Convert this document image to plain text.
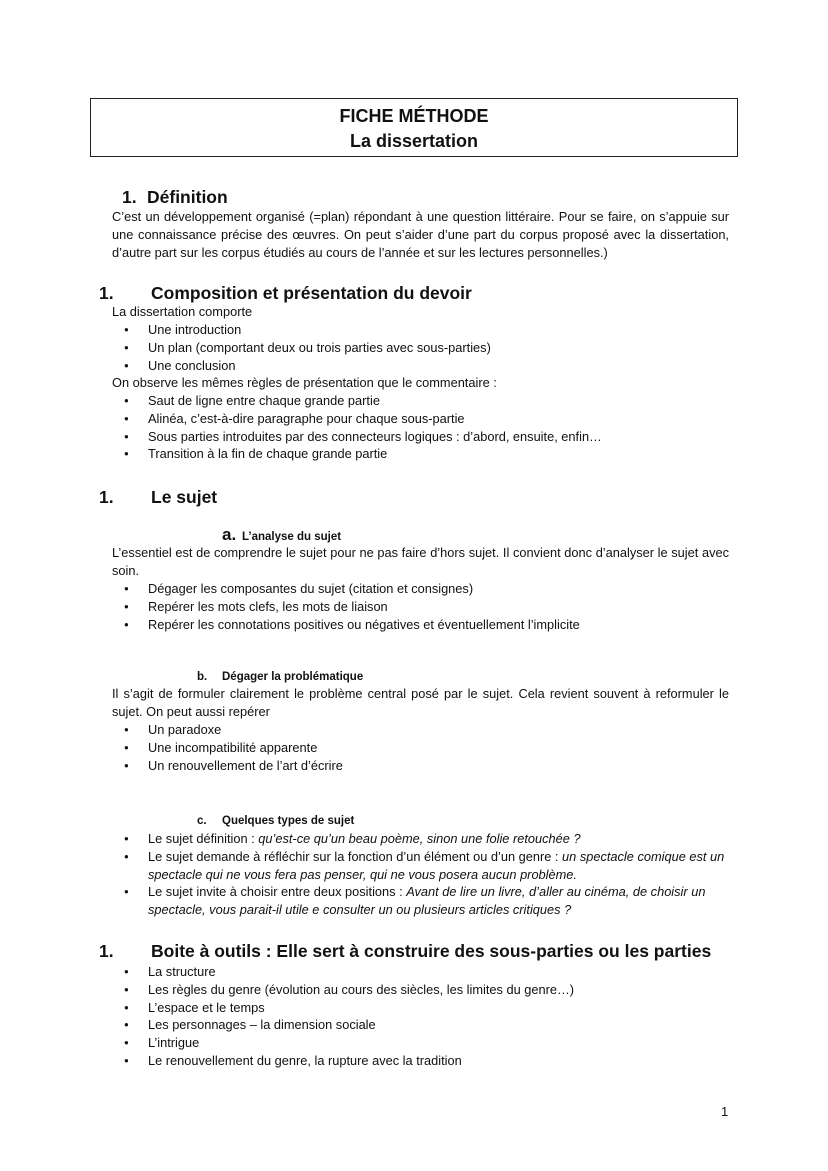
FICHE MÉTHODE
La dissertation
1. Définition
C’est un développement organisé (=plan) répondant à une question littéraire. Pour se faire, on s’appuie sur une connaissance précise des œuvres. On peut s’aider d’une part du corpus proposé avec la dissertation, d’autre part sur les corpus étudiés au cours de l’année et sur les lectures personnelles.)
1. Composition et présentation du devoir
La dissertation comporte
● Une introduction
● Un plan (comportant deux ou trois parties avec sous-parties)
● Une conclusion
On observe les mêmes règles de présentation que le commentaire :
● Saut de ligne entre chaque grande partie
● Alinéa, c’est-à-dire paragraphe pour chaque sous-partie
● Sous parties introduites par des connecteurs logiques : d’abord, ensuite, enfin…
● Transition à la fin de chaque grande partie
1. Le sujet
a. L’analyse du sujet
L’essentiel est de comprendre le sujet pour ne pas faire d’hors sujet. Il convient donc d’analyser le sujet avec soin.
● Dégager les composantes du sujet (citation et consignes)
● Repérer les mots clefs, les mots de liaison
● Repérer les connotations positives ou négatives et éventuellement l’implicite
b. Dégager la problématique
Il s’agit de formuler clairement le problème central posé par le sujet. Cela revient souvent à reformuler le sujet. On peut aussi repérer
● Un paradoxe
● Une incompatibilité apparente
● Un renouvellement de l’art d’écrire
c. Quelques types de sujet
● Le sujet définition : qu’est-ce qu’un beau poème, sinon une folie retouchée ?
● Le sujet demande à réfléchir sur la fonction d’un élément ou d’un genre : un spectacle comique est un spectacle qui ne vous fera pas penser, qui ne vous posera aucun problème.
● Le sujet invite à choisir entre deux positions : Avant de lire un livre, d’aller au cinéma, de choisir un spectacle, vous parait-il utile e consulter un ou plusieurs articles critiques ?
1. Boite à outils : Elle sert à construire des sous-parties ou les parties
● La structure
● Les règles du genre (évolution au cours des siècles, les limites du genre…)
● L’espace et le temps
● Les personnages – la dimension sociale
● L’intrigue
● Le renouvellement du genre, la rupture avec la tradition
1
